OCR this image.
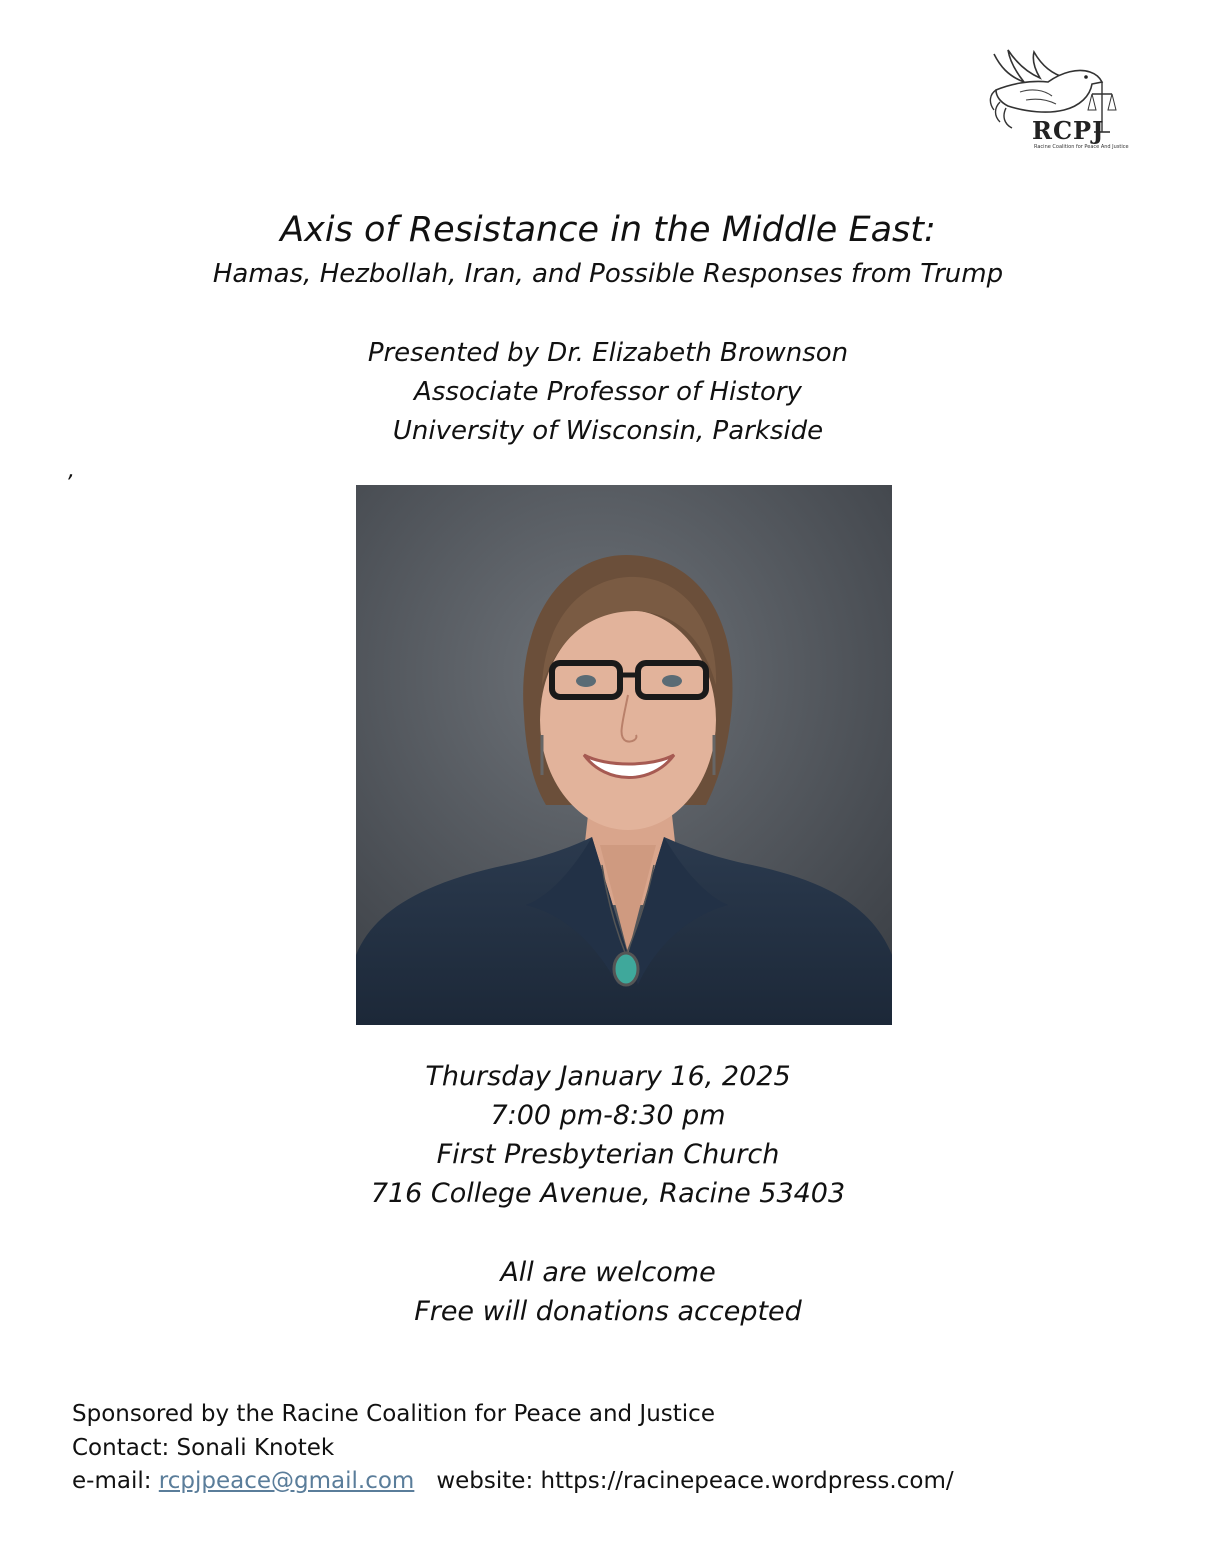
RCPJ
Racine Coalition for Peace And Justice
Axis of Resistance in the Middle East:
Hamas, Hezbollah, Iran, and Possible Responses from Trump
Presented by Dr. Elizabeth Brownson
Associate Professor of History
University of Wisconsin, Parkside
,
Thursday January 16, 2025
7:00 pm-8:30 pm
First Presbyterian Church
716 College Avenue, Racine 53403
All are welcome
Free will donations accepted
Sponsored by the Racine Coalition for Peace and Justice
Contact: Sonali Knotek
e-mail: rcpjpeace@gmail.com website: https://racinepeace.wordpress.com/
